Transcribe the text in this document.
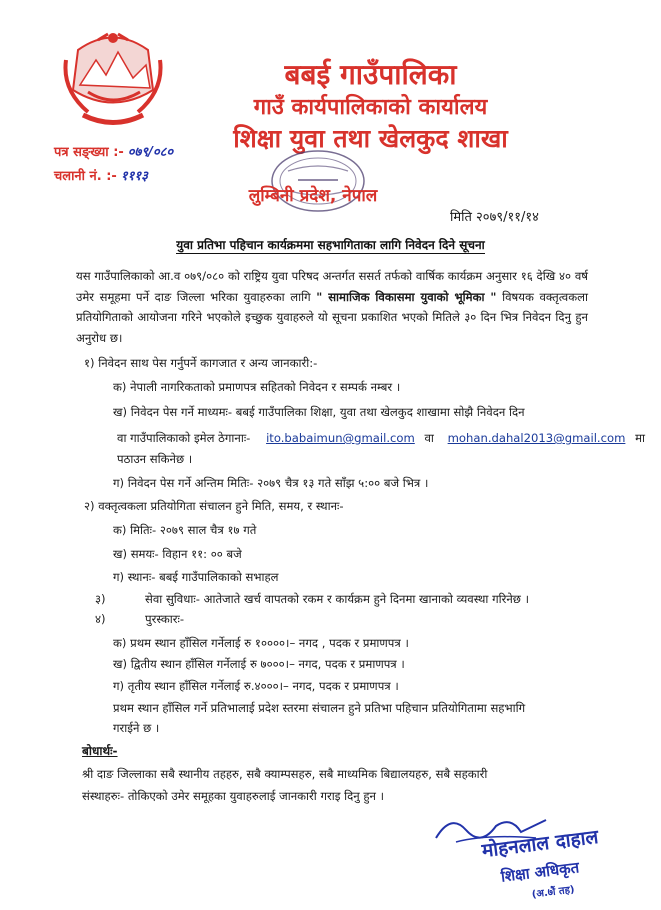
बबई गाउँपालिका
गाउँ कार्यपालिकाको कार्यालय
शिक्षा युवा तथा खेलकुद शाखा
पत्र सङ्ख्या :- ०७९/०८०
चलानी नं. :- १११३
लुम्बिनी प्रदेश, नेपाल
मिति २०७९/११/१४
युवा प्रतिभा पहिचान कार्यक्रममा सहभागिताका लागि निवेदन दिने सूचना
यस गाउँपालिकाको आ.व ०७९/०८० को राष्ट्रिय युवा परिषद अन्तर्गत ससर्त तर्फको वार्षिक कार्यक्रम अनुसार १६ देखि ४० वर्ष उमेर समूहमा पर्ने दाङ जिल्ला भरिका युवाहरुका लागि " सामाजिक विकासमा युवाको भूमिका " विषयक वक्तृत्वकला प्रतियोगिताको आयोजना गरिने भएकोले इच्छुक युवाहरुले यो सूचना प्रकाशित भएको मितिले ३० दिन भित्र निवेदन दिनु हुन अनुरोध छ।
१) निवेदन साथ पेस गर्नुपर्ने कागजात र अन्य जानकारी:-
क) नेपाली नागरिकताको प्रमाणपत्र सहितको निवेदन र सम्पर्क नम्बर ।
ख) निवेदन पेस गर्ने माध्यमः- बबई गाउँपालिका शिक्षा, युवा तथा खेलकुद शाखामा सोझै निवेदन दिन
वा गाउँपालिकाको इमेल ठेगानाः- ito.babaimun@gmail.com वा mohan.dahal2013@gmail.com मा
पठाउन सकिनेछ ।
ग) निवेदन पेस गर्ने अन्तिम मितिः- २०७९ चैत्र १३ गते साँझ ५:०० बजे भित्र ।
२) वक्तृत्वकला प्रतियोगिता संचालन हुने मिति, समय, र स्थानः-
क) मितिः- २०७९ साल चैत्र १७ गते
ख) समयः- विहान ११: ०० बजे
ग) स्थानः- बबई गाउँपालिकाको सभाहल
३)	सेवा सुविधाः- आतेजाते खर्च वापतको रकम र कार्यक्रम हुने दिनमा खानाको व्यवस्था गरिनेछ ।
४)	पुरस्कारः-
क) प्रथम स्थान हाँसिल गर्नेलाई रु १००००।– नगद , पदक र प्रमाणपत्र ।
ख) द्वितीय स्थान हाँसिल गर्नेलाई रु ७०००।– नगद, पदक र प्रमाणपत्र ।
ग) तृतीय स्थान हाँसिल गर्नेलाई रु.४०००।– नगद, पदक र प्रमाणपत्र ।
प्रथम स्थान हाँसिल गर्ने प्रतिभालाई प्रदेश स्तरमा संचालन हुने प्रतिभा पहिचान प्रतियोगितामा सहभागि
गराईने छ ।
बोधार्थः-
श्री दाङ जिल्लाका सबै स्थानीय तहहरु, सबै क्याम्पसहरु, सबै माध्यमिक बिद्यालयहरु, सबै सहकारी
संस्थाहरुः- तोकिएको उमेर समूहका युवाहरुलाई जानकारी गराइ दिनु हुन ।
मोहनलाल दाहाल
शिक्षा अधिकृत
(अ.७ौं तह)
